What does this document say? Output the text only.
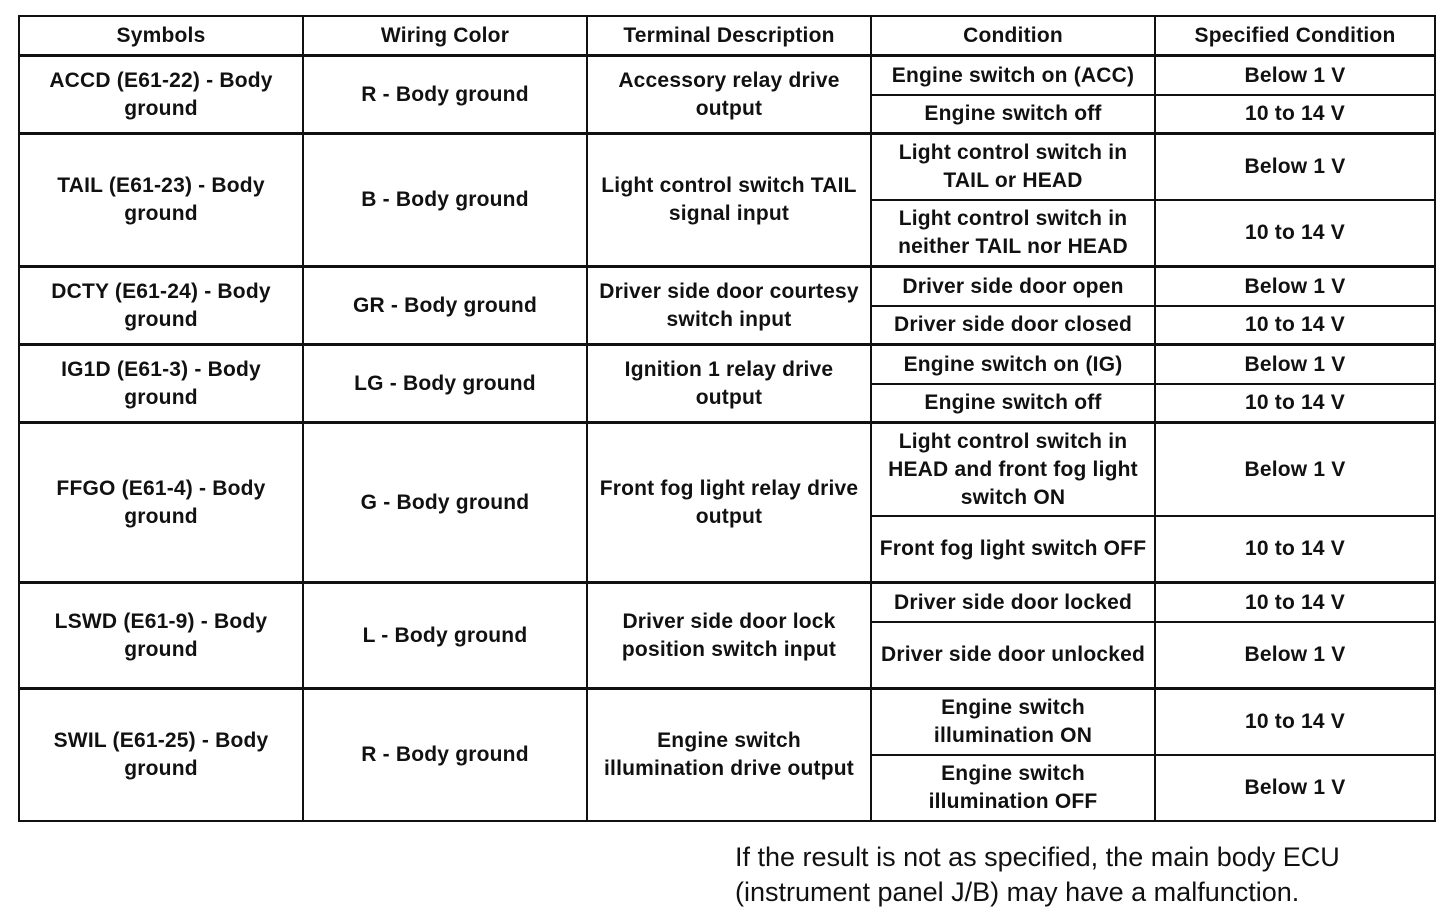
Symbols	Wiring Color	Terminal Description	Condition	Specified Condition
ACCD (E61-22) - Body ground	R - Body ground	Accessory relay drive output	Engine switch on (ACC)	Below 1 V
			Engine switch off	10 to 14 V
TAIL (E61-23) - Body ground	B - Body ground	Light control switch TAIL signal input	Light control switch in TAIL or HEAD	Below 1 V
			Light control switch in neither TAIL nor HEAD	10 to 14 V
DCTY (E61-24) - Body ground	GR - Body ground	Driver side door courtesy switch input	Driver side door open	Below 1 V
			Driver side door closed	10 to 14 V
IG1D (E61-3) - Body ground	LG - Body ground	Ignition 1 relay drive output	Engine switch on (IG)	Below 1 V
			Engine switch off	10 to 14 V
FFGO (E61-4) - Body ground	G - Body ground	Front fog light relay drive output	Light control switch in HEAD and front fog light switch ON	Below 1 V
			Front fog light switch OFF	10 to 14 V
LSWD (E61-9) - Body ground	L - Body ground	Driver side door lock position switch input	Driver side door locked	10 to 14 V
			Driver side door unlocked	Below 1 V
SWIL (E61-25) - Body ground	R - Body ground	Engine switch illumination drive output	Engine switch illumination ON	10 to 14 V
			Engine switch illumination OFF	Below 1 V
If the result is not as specified, the main body ECU
(instrument panel J/B) may have a malfunction.
